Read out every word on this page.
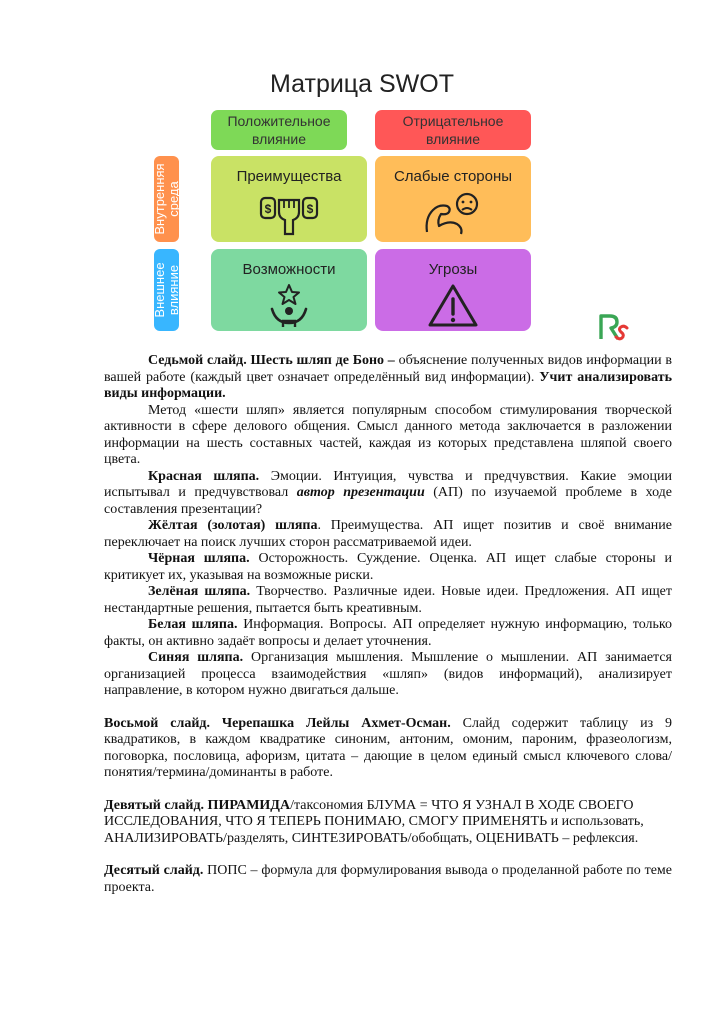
Матрица SWOT
Положительное влияние
Отрицательное влияние
Внутренняя среда
Внешнее влияние
Преимущества
$	$
Слабые стороны
Возможности	Угрозы

Седьмой слайд. Шесть шляп де Боно – объяснение полученных видов информации в вашей работе (каждый цвет означает определённый вид информации). Учит анализировать виды информации.

Метод «шести шляп» является популярным способом стимулирования творческой активности в сфере делового общения. Смысл данного метода заключается в разложении информации на шесть составных частей, каждая из которых представлена шляпой своего цвета.

Красная шляпа. Эмоции. Интуиция, чувства и предчувствия. Какие эмоции испытывал и предчувствовал автор презентации (АП) по изучаемой проблеме в ходе составления презентации?

Жёлтая (золотая) шляпа. Преимущества. АП ищет позитив и своё внимание переключает на поиск лучших сторон рассматриваемой идеи.

Чёрная шляпа. Осторожность. Суждение. Оценка. АП ищет слабые стороны и критикует их, указывая на возможные риски.

Зелёная шляпа. Творчество. Различные идеи. Новые идеи. Предложения. АП ищет нестандартные решения, пытается быть креативным.

Белая шляпа. Информация. Вопросы. АП определяет нужную информацию, только факты, он активно задаёт вопросы и делает уточнения.

Синяя шляпа. Организация мышления. Мышление о мышлении. АП занимается организацией процесса взаимодействия «шляп» (видов информаций), анализирует направление, в котором нужно двигаться дальше.

Восьмой слайд. Черепашка Лейлы Ахмет-Осман. Слайд содержит таблицу из 9 квадратиков, в каждом квадратике синоним, антоним, омоним, пароним, фразеологизм, поговорка, пословица, афоризм, цитата – дающие в целом единый смысл ключевого слова/понятия/термина/доминанты в работе.

Девятый слайд. ПИРАМИДА/таксономия БЛУМА = ЧТО Я УЗНАЛ В ХОДЕ СВОЕГО ИССЛЕДОВАНИЯ, ЧТО Я ТЕПЕРЬ ПОНИМАЮ, СМОГУ ПРИМЕНЯТЬ и использовать, АНАЛИЗИРОВАТЬ/разделять, СИНТЕЗИРОВАТЬ/обобщать, ОЦЕНИВАТЬ – рефлексия.

Десятый слайд. ПОПС – формула для формулирования вывода о проделанной работе по теме проекта.
